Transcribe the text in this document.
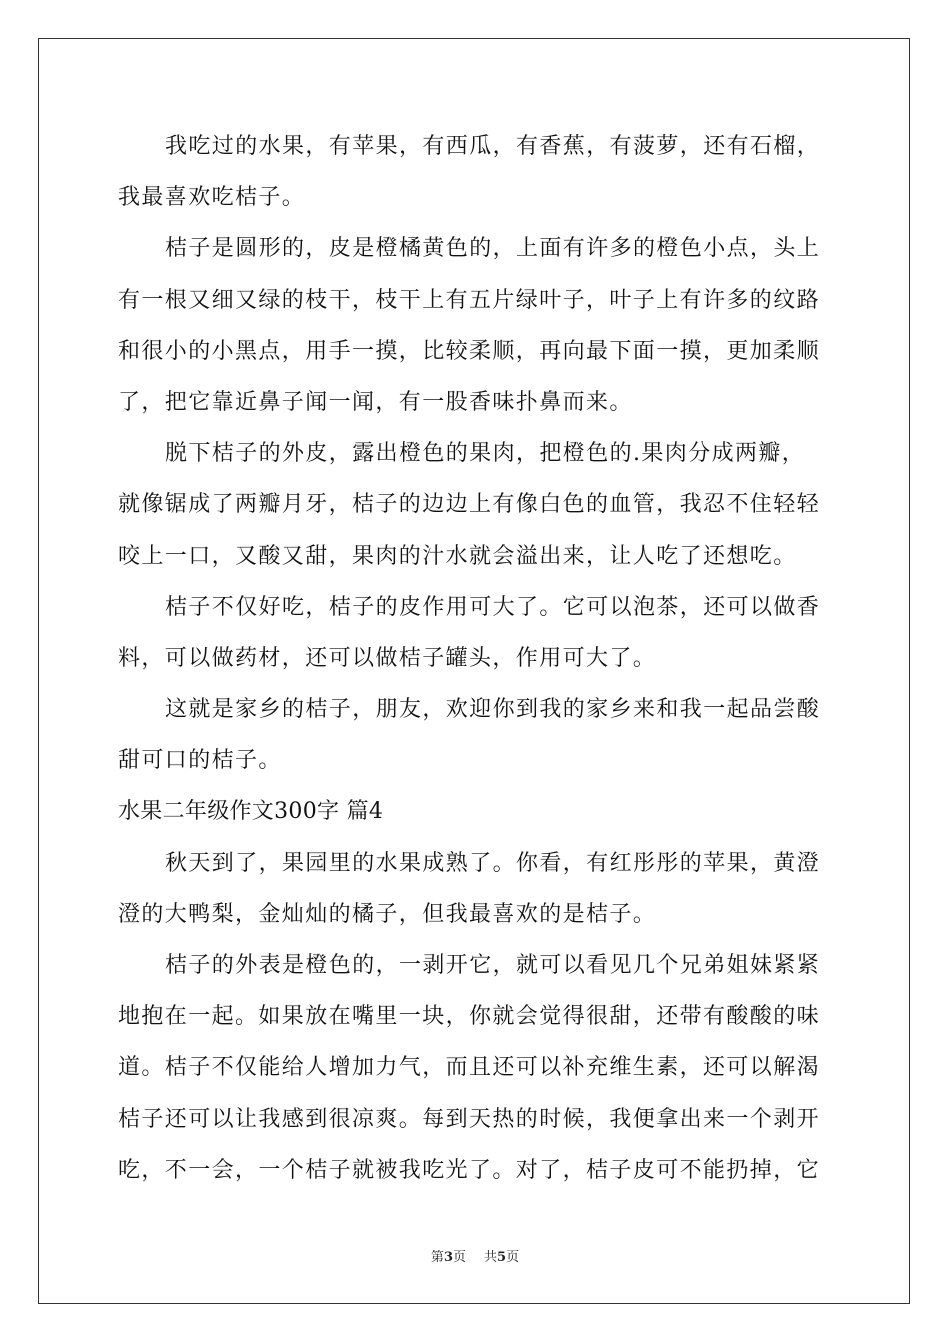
我吃过的水果，有苹果，有西瓜，有香蕉，有菠萝，还有石榴，
我最喜欢吃桔子。
桔子是圆形的，皮是橙橘黄色的，上面有许多的橙色小点，头上
有一根又细又绿的枝干，枝干上有五片绿叶子，叶子上有许多的纹路
和很小的小黑点，用手一摸，比较柔顺，再向最下面一摸，更加柔顺
了，把它靠近鼻子闻一闻，有一股香味扑鼻而来。
脱下桔子的外皮，露出橙色的果肉，把橙色的.果肉分成两瓣，
就像锯成了两瓣月牙，桔子的边边上有像白色的血管，我忍不住轻轻
咬上一口，又酸又甜，果肉的汁水就会溢出来，让人吃了还想吃。
桔子不仅好吃，桔子的皮作用可大了。它可以泡茶，还可以做香
料，可以做药材，还可以做桔子罐头，作用可大了。
这就是家乡的桔子，朋友，欢迎你到我的家乡来和我一起品尝酸
甜可口的桔子。
水果二年级作文300字 篇4
秋天到了，果园里的水果成熟了。你看，有红彤彤的苹果，黄澄
澄的大鸭梨，金灿灿的橘子，但我最喜欢的是桔子。
桔子的外表是橙色的，一剥开它，就可以看见几个兄弟姐妹紧紧
地抱在一起。如果放在嘴里一块，你就会觉得很甜，还带有酸酸的味
道。桔子不仅能给人增加力气，而且还可以补充维生素，还可以解渴
桔子还可以让我感到很凉爽。每到天热的时候，我便拿出来一个剥开
吃，不一会，一个桔子就被我吃光了。对了，桔子皮可不能扔掉，它
第3页 共5页
